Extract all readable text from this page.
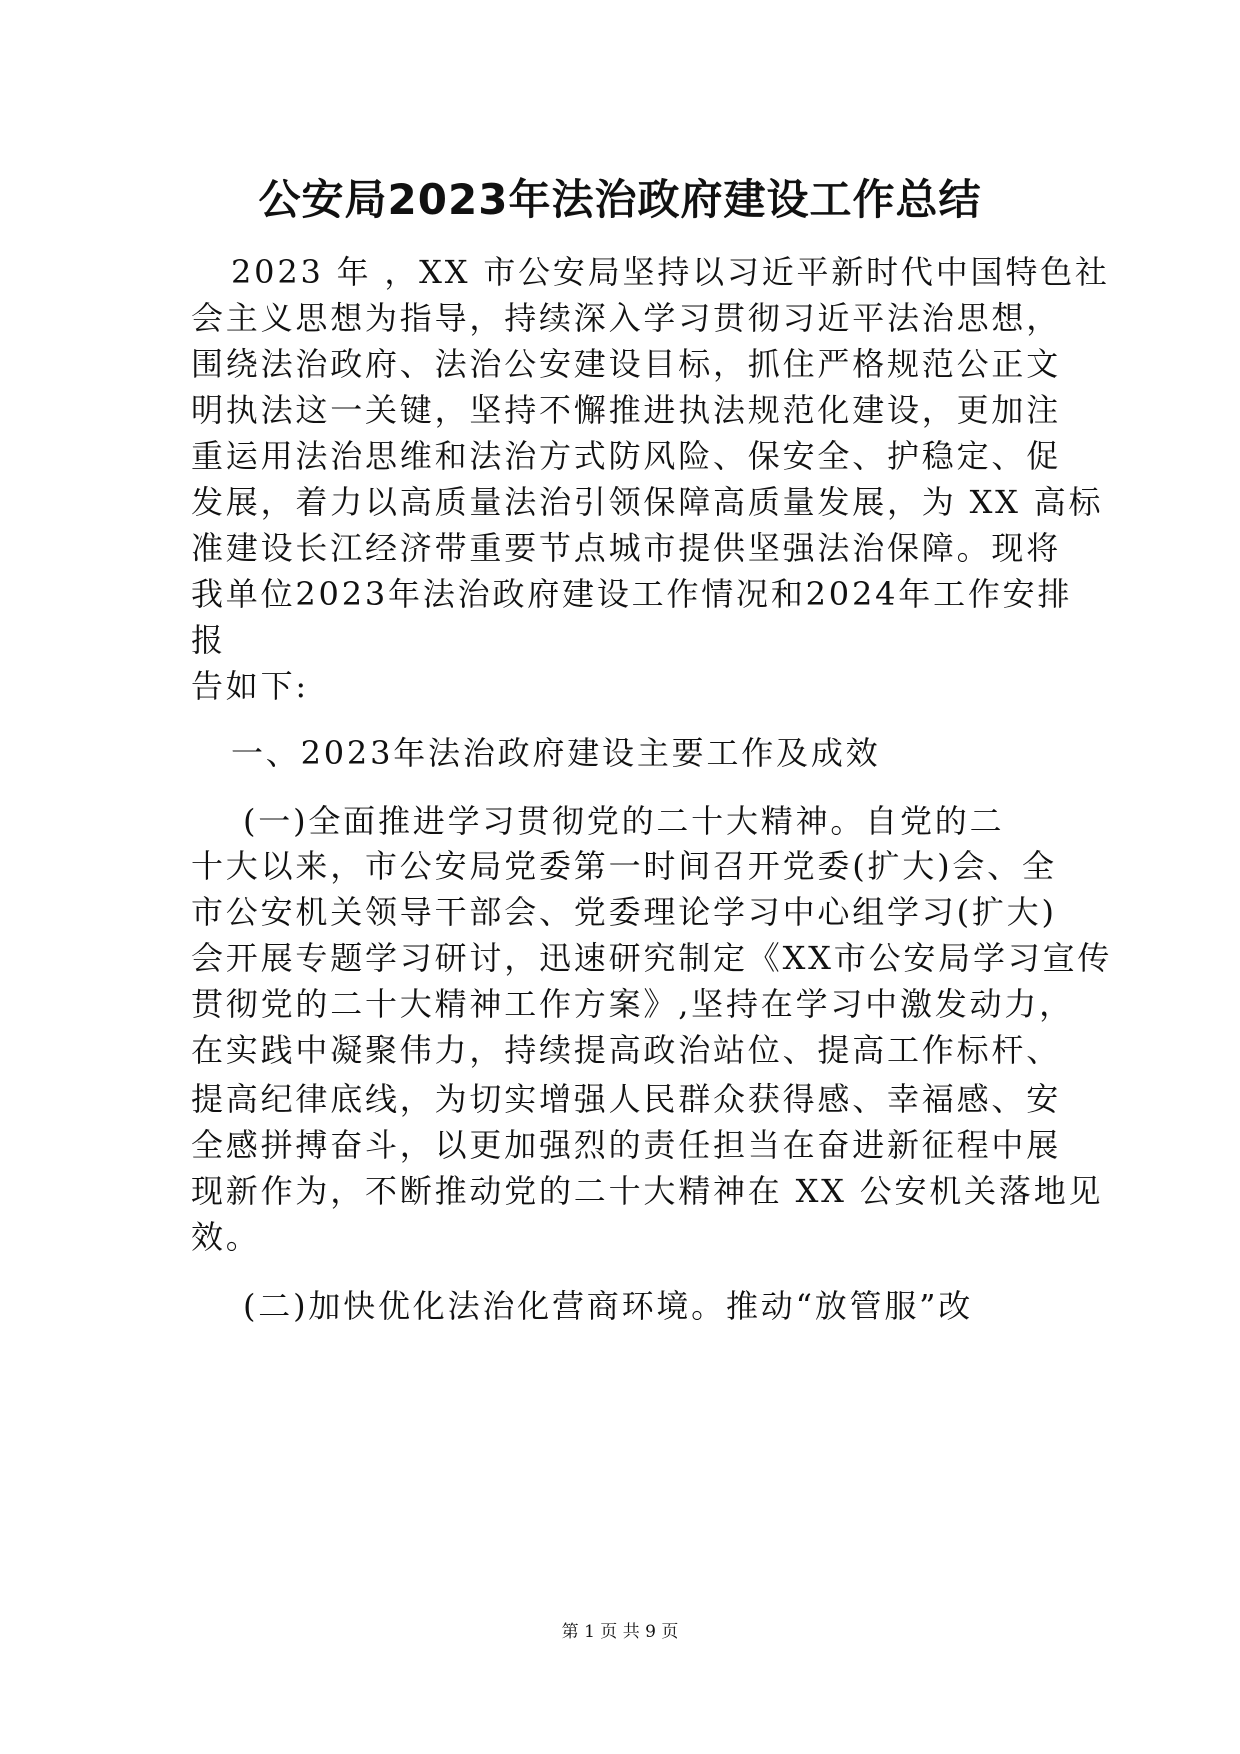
公安局2023年法治政府建设工作总结
2023 年 ，XX 市公安局坚持以习近平新时代中国特色社
会主义思想为指导，持续深入学习贯彻习近平法治思想，
围绕法治政府、法治公安建设目标，抓住严格规范公正文
明执法这一关键，坚持不懈推进执法规范化建设，更加注
重运用法治思维和法治方式防风险、保安全、护稳定、促
发展，着力以高质量法治引领保障高质量发展，为 XX 高标
准建设长江经济带重要节点城市提供坚强法治保障。现将
我单位2023年法治政府建设工作情况和2024年工作安排
报
告如下:
一、2023年法治政府建设主要工作及成效
(一)全面推进学习贯彻党的二十大精神。自党的二
十大以来，市公安局党委第一时间召开党委(扩大)会、全
市公安机关领导干部会、党委理论学习中心组学习(扩大)
会开展专题学习研讨，迅速研究制定《XX市公安局学习宣传
贯彻党的二十大精神工作方案》,坚持在学习中激发动力，
在实践中凝聚伟力，持续提高政治站位、提高工作标杆、
提高纪律底线，为切实增强人民群众获得感、幸福感、安
全感拼搏奋斗，以更加强烈的责任担当在奋进新征程中展
现新作为，不断推动党的二十大精神在 XX 公安机关落地见
效。
(二)加快优化法治化营商环境。推动“放管服”改
第 1 页 共 9 页
